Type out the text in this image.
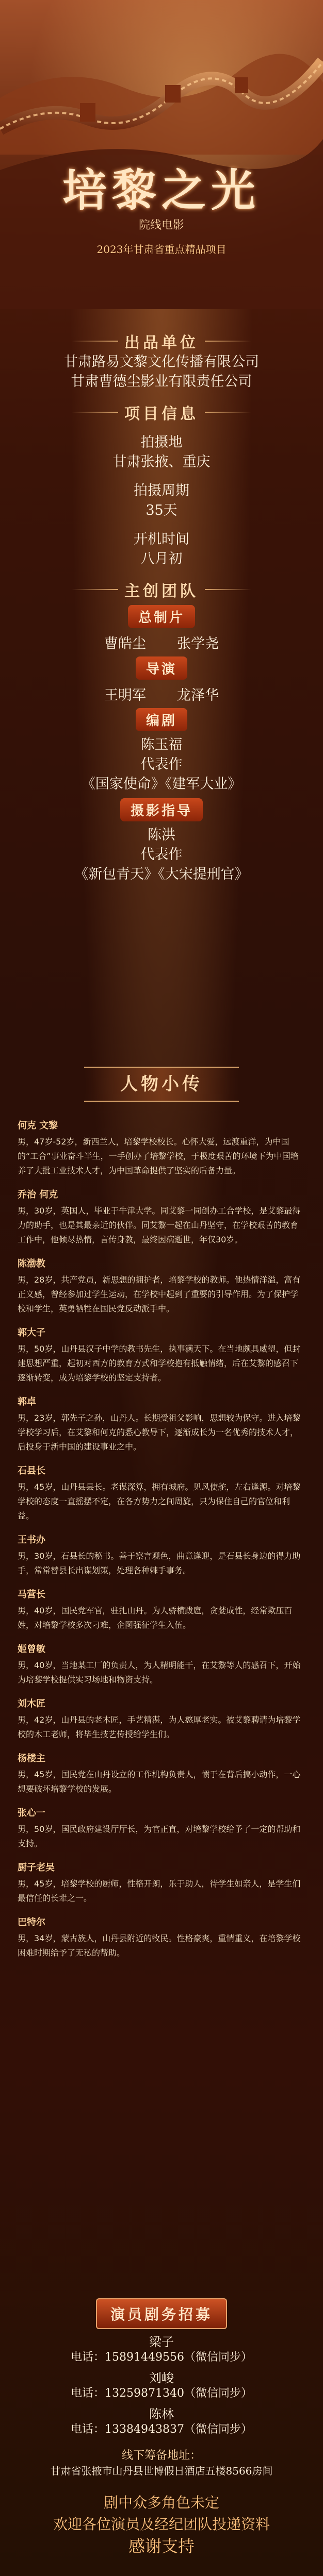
培黎之光
院线电影
2023年甘肃省重点精品项目
出品单位

甘肃路易文黎文化传播有限公司

甘肃曹德尘影业有限责任公司

项目信息

拍摄地

甘肃张掖、重庆

拍摄周期

35天

开机时间

八月初

主创团队
总制片
曹皓尘 张学尧
导演
王明军 龙泽华
编剧

陈玉福

代表作

《国家使命》《建军大业》

摄影指导

陈洪

代表作

《新包青天》《大宋提刑官》

人物小传
何克 文黎
男，47岁-52岁，新西兰人，培黎学校校长。心怀大爱，远渡重洋，为中国的“工合”事业奋斗半生，一手创办了培黎学校，于极度艰苦的环境下为中国培养了大批工业技术人才，为中国革命提供了坚实的后备力量。
乔治 何克
男，30岁，英国人，毕业于牛津大学。同艾黎一同创办工合学校，是艾黎最得力的助手，也是其最亲近的伙伴。同艾黎一起在山丹坚守，在学校艰苦的教育工作中，他倾尽热情，言传身教，最终因病逝世，年仅30岁。
陈渤教
男，28岁，共产党员，新思想的拥护者，培黎学校的教师。他热情洋溢，富有正义感，曾经参加过学生运动，在学校中起到了重要的引导作用。为了保护学校和学生，英勇牺牲在国民党反动派手中。
郭大子
男，50岁，山丹县汉子中学的教书先生，执事满天下。在当地颇具威望，但封建思想严重，起初对西方的教育方式和学校抱有抵触情绪，后在艾黎的感召下逐渐转变，成为培黎学校的坚定支持者。
郭卓
男，23岁，郭先子之孙，山丹人。长期受祖父影响，思想较为保守。进入培黎学校学习后，在艾黎和何克的悉心教导下，逐渐成长为一名优秀的技术人才，后投身于新中国的建设事业之中。
石县长
男，45岁，山丹县县长。老谋深算，拥有城府。见风使舵，左右逢源。对培黎学校的态度一直摇摆不定，在各方势力之间周旋，只为保住自己的官位和利益。
王书办
男，30岁，石县长的秘书。善于察言观色，曲意逢迎，是石县长身边的得力助手，常常替县长出谋划策，处理各种棘手事务。
马营长
男，40岁，国民党军官，驻扎山丹。为人骄横跋扈，贪婪成性，经常欺压百姓，对培黎学校多次刁难，企图强征学生入伍。
姬曾敏
男，40岁，当地某工厂的负责人，为人精明能干，在艾黎等人的感召下，开始为培黎学校提供实习场地和物资支持。
刘木匠
男，42岁，山丹县的老木匠，手艺精湛，为人憨厚老实。被艾黎聘请为培黎学校的木工老师，将毕生技艺传授给学生们。
杨楼主
男，45岁，国民党在山丹设立的工作机构负责人，惯于在背后搞小动作，一心想要破坏培黎学校的发展。
张心一
男，50岁，国民政府建设厅厅长，为官正直，对培黎学校给予了一定的帮助和支持。
厨子老吴
男，45岁，培黎学校的厨师，性格开朗，乐于助人，待学生如亲人，是学生们最信任的长辈之一。
巴特尔
男，34岁，蒙古族人，山丹县附近的牧民。性格豪爽，重情重义，在培黎学校困难时期给予了无私的帮助。
演员剧务招募
梁子
电话：15891449556（微信同步）
刘峻
电话：13259871340（微信同步）
陈林
电话：13384943837（微信同步）
线下筹备地址：
甘肃省张掖市山丹县世博假日酒店五楼8566房间
剧中众多角色未定
欢迎各位演员及经纪团队投递资料
感谢支持
